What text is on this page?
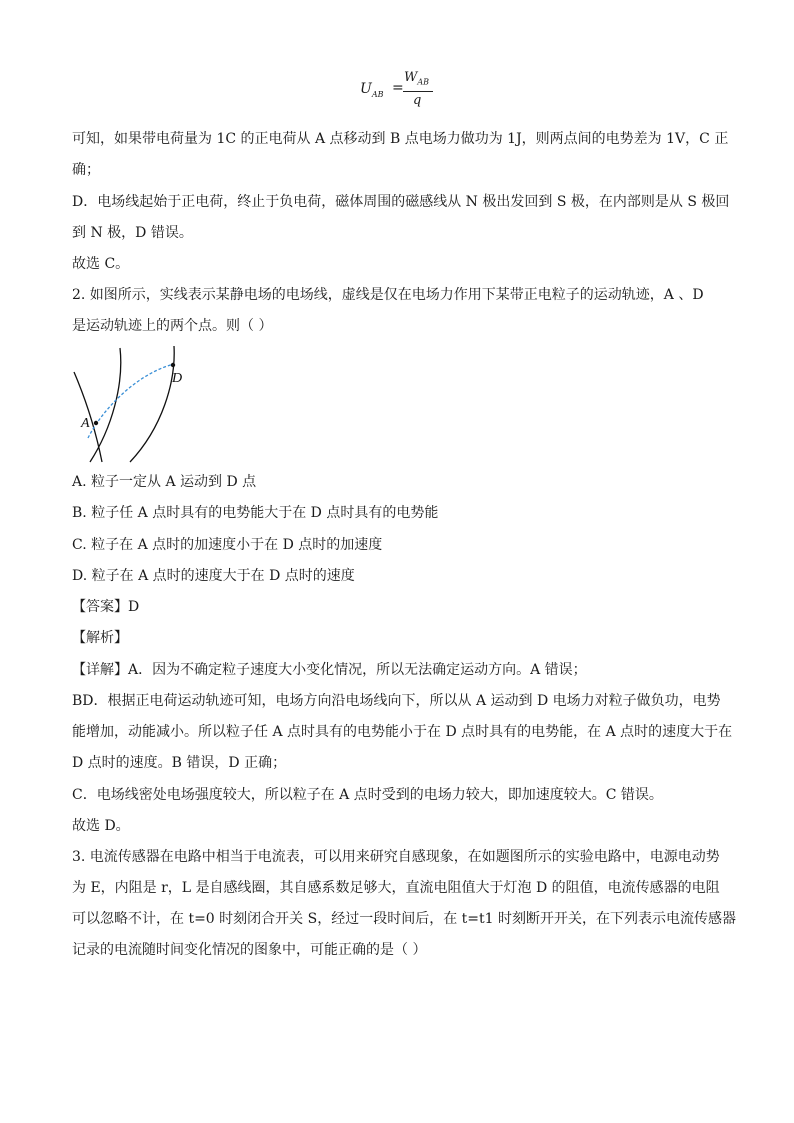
$U_{AB}$ =
$W_{AB}$
q
可知，如果带电荷量为 1C 的正电荷从 A 点移动到 B 点电场力做功为 1J，则两点间的电势差为 1V，C 正
确；
D．电场线起始于正电荷，终止于负电荷，磁体周围的磁感线从 N 极出发回到 S 极，在内部则是从 S 极回
到 N 极，D 错误。
故选 C。
2. 如图所示，实线表示某静电场的电场线，虚线是仅在电场力作用下某带正电粒子的运动轨迹，A 、D
是运动轨迹上的两个点。则（ ）
A
D
A. 粒子一定从 A 运动到 D 点
B. 粒子任 A 点时具有的电势能大于在 D 点时具有的电势能
C. 粒子在 A 点时的加速度小于在 D 点时的加速度
D. 粒子在 A 点时的速度大于在 D 点时的速度
【答案】D
【解析】
【详解】A．因为不确定粒子速度大小变化情况，所以无法确定运动方向。A 错误；
BD．根据正电荷运动轨迹可知，电场方向沿电场线向下，所以从 A 运动到 D 电场力对粒子做负功，电势
能增加，动能减小。所以粒子任 A 点时具有的电势能小于在 D 点时具有的电势能，在 A 点时的速度大于在
D 点时的速度。B 错误，D 正确；
C．电场线密处电场强度较大，所以粒子在 A 点时受到的电场力较大，即加速度较大。C 错误。
故选 D。
3. 电流传感器在电路中相当于电流表，可以用来研究自感现象，在如题图所示的实验电路中，电源电动势
为 E，内阻是 r，L 是自感线圈，其自感系数足够大，直流电阻值大于灯泡 D 的阻值，电流传感器的电阻
可以忽略不计，在 t=0 时刻闭合开关 S，经过一段时间后，在 t=t1 时刻断开开关，在下列表示电流传感器
记录的电流随时间变化情况的图象中，可能正确的是（ ）
